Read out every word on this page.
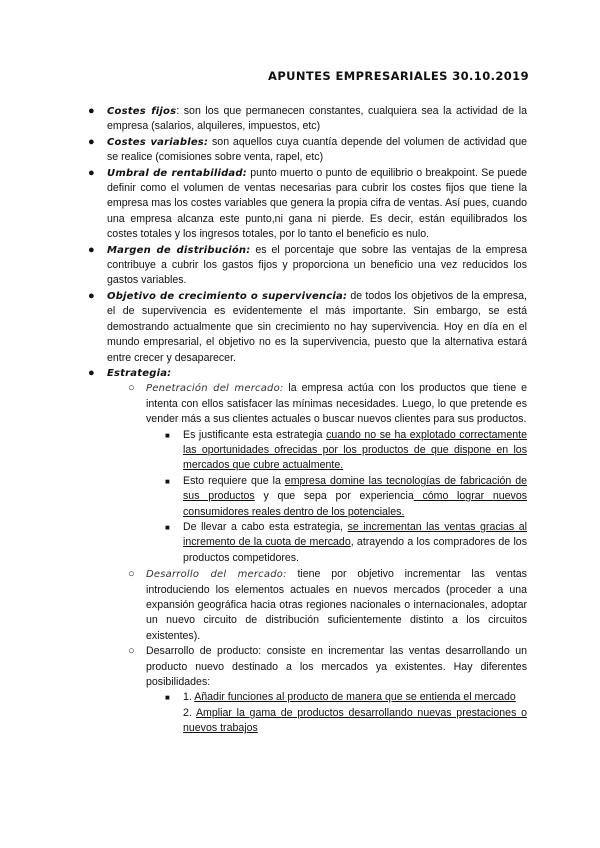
APUNTES EMPRESARIALES 30.10.2019
● Costes fijos: son los que permanecen constantes, cualquiera sea la actividad de la empresa (salarios, alquileres, impuestos, etc)
● Costes variables: son aquellos cuya cuantía depende del volumen de actividad que se realice (comisiones sobre venta, rapel, etc)
● Umbral de rentabilidad: punto muerto o punto de equilibrio o breakpoint. Se puede definir como el volumen de ventas necesarias para cubrir los costes fijos que tiene la empresa mas los costes variables que genera la propia cifra de ventas. Así pues, cuando una empresa alcanza este punto,ni gana ni pierde. Es decir, están equilibrados los costes totales y los ingresos totales, por lo tanto el beneficio es nulo.
● Margen de distribución: es el porcentaje que sobre las ventajas de la empresa contribuye a cubrir los gastos fijos y proporciona un beneficio una vez reducidos los gastos variables.
● Objetivo de crecimiento o supervivencia: de todos los objetivos de la empresa, el de supervivencia es evidentemente el más importante. Sin embargo, se está demostrando actualmente que sin crecimiento no hay supervivencia. Hoy en día en el mundo empresarial, el objetivo no es la supervivencia, puesto que la alternativa estará entre crecer y desaparecer.
● Estrategia:
○ Penetración del mercado: la empresa actúa con los productos que tiene e intenta con ellos satisfacer las mínimas necesidades. Luego, lo que pretende es vender más a sus clientes actuales o buscar nuevos clientes para sus productos.
■ Es justificante esta estrategia cuando no se ha explotado correctamente las oportunidades ofrecidas por los productos de que dispone en los mercados que cubre actualmente.
■ Esto requiere que la empresa domine las tecnologías de fabricación de sus productos y que sepa por experiencia cómo lograr nuevos consumidores reales dentro de los potenciales.
■ De llevar a cabo esta estrategia, se incrementan las ventas gracias al incremento de la cuota de mercado, atrayendo a los compradores de los productos competidores.
○ Desarrollo del mercado: tiene por objetivo incrementar las ventas introduciendo los elementos actuales en nuevos mercados (proceder a una expansión geográfica hacia otras regiones nacionales o internacionales, adoptar un nuevo circuito de distribución suficientemente distinto a los circuitos existentes).
○ Desarrollo de producto: consiste en incrementar las ventas desarrollando un producto nuevo destinado a los mercados ya existentes. Hay diferentes posibilidades:
■ 1. Añadir funciones al producto de manera que se entienda el mercado
2. Ampliar la gama de productos desarrollando nuevas prestaciones o nuevos trabajos
